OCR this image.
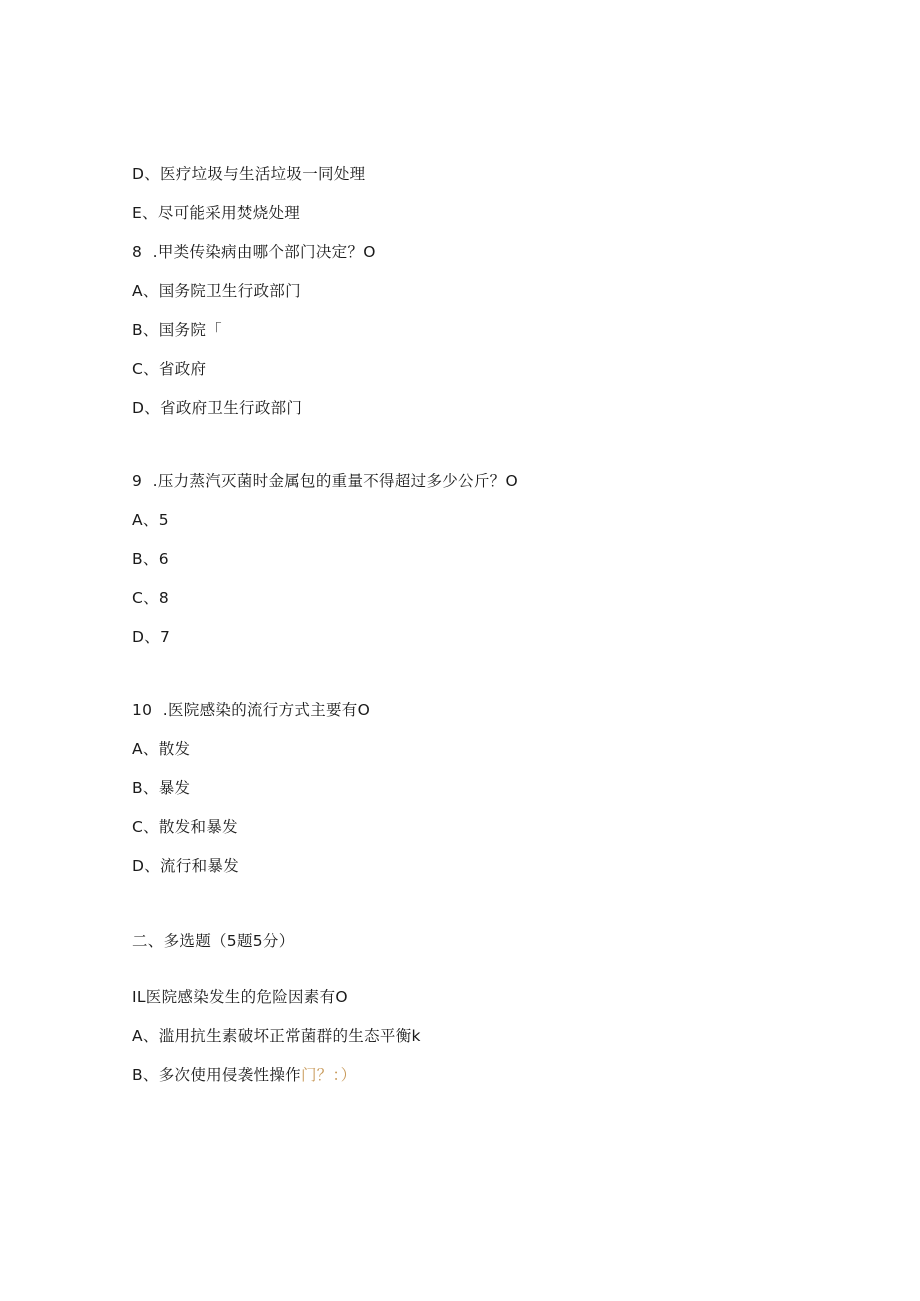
D、医疗垃圾与生活垃圾一同处理
E、尽可能采用焚烧处理
8  .甲类传染病由哪个部门决定？O
A、国务院卫生行政部门
B、国务院「
C、省政府
D、省政府卫生行政部门
9  .压力蒸汽灭菌时金属包的重量不得超过多少公斤？O
A、5
B、6
C、8
D、7
10  .医院感染的流行方式主要有O
A、散发
B、暴发
C、散发和暴发
D、流行和暴发
二、多选题（5题5分）
IL医院感染发生的危险因素有O
A、滥用抗生素破坏正常菌群的生态平衡k
B、多次使用侵袭性操作门？：）
